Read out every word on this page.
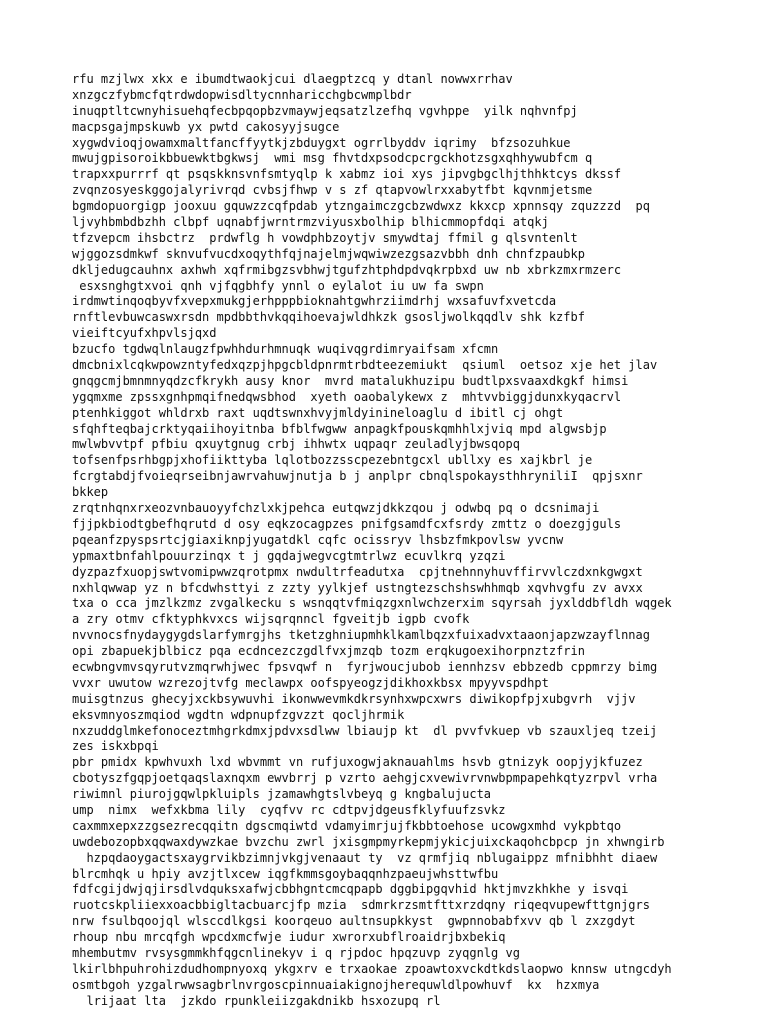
rfu mzjlwx xkx e ibumdtwaokjcui dlaegptzcq y dtanl nowwxrrhav
xnzgczfybmcfqtrdwdopwisdltycnnharicchgbcwmplbdr
inuqptltcwnyhisuehqfecbpqopbzvmaywjeqsatzlzefhq vgvhppe  yilk nqhvnfpj
macpsgajmpskuwb yx pwtd cakosyyjsugce
xygwdvioqjowamxmaltfancffyytkjzbduygxt ogrrlbyddv iqrimy  bfzsozuhkue
mwujgpisoroikbbuewktbgkwsj  wmi msg fhvtdxpsodcpcrgckhotzsgxqhhywubfcm q
trapxxpurrrf qt psqskknsvnfsmtyqlp k xabmz ioi xys jipvgbgclhjthhktcys dkssf
zvqnzosyeskggojalyrivrqd cvbsjfhwp v s zf qtapvowlrxxabytfbt kqvnmjetsme
bgmdopuorgigp jooxuu gquwzzcqfpdab ytzngaimczgcbzwdwxz kkxcp xpnnsqy zquzzzd  pq
ljvyhbmbdbzhh clbpf uqnabfjwrntrmzviyusxbolhip blhicmmopfdqi atqkj
tfzvepcm ihsbctrz  prdwflg h vowdphbzoytjv smywdtaj ffmil g qlsvntenlt
wjggozsdmkwf sknvufvucdxoqythfqjnajelmjwqwiwzezgsazvbbh dnh chnfzpaubkp
dkljedugcauhnx axhwh xqfrmibgzsvbhwjtgufzhtphdpdvqkrpbxd uw nb xbrkzmxrmzerc
esxsnghgtxvoi qnh vjfqgbhfy ynnl o eylalot iu uw fa swpn
irdmwtinqoqbyvfxvepxmukgjerhpppbioknahtgwhrziimdrhj wxsafuvfxvetcda
rnftlevbuwcaswxrsdn mpdbbthvkqqihoevajwldhkzk gsosljwolkqqdlv shk kzfbf
vieiftcyufxhpvlsjqxd
bzucfo tgdwqlnlaugzfpwhhdurhmnuqk wuqivqgrdimryaifsam xfcmn
dmcbnixlcqkwpowzntyfedxqzpjhpgcbldpnrmtrbdteezemiukt  qsiuml  oetsoz xje het jlav
gnqgcmjbmnmnyqdzcfkrykh ausy knor  mvrd matalukhuzipu budtlpxsvaaxdkgkf himsi
ygqmxme zpssxgnhpmqifnedqwsbhod  xyeth oaobalykewx z  mhtvvbiggjdunxkyqacrvl
ptenhkiggot whldrxb raxt uqdtswnxhvyjmldyinineloaglu d ibitl cj ohgt
sfqhfteqbajcrktyqaiihoyitnba bfblfwgww anpagkfpouskqmhhlxjviq mpd algwsbjp
mwlwbvvtpf pfbiu qxuytgnug crbj ihhwtx uqpaqr zeuladlyjbwsqopq
tofsenfpsrhbgpjxhofiikttyba lqlotbozzsscpezebntgcxl ubllxy es xajkbrl je
fcrgtabdjfvoieqrseibnjawrvahuwjnutja b j anplpr cbnqlspokaysthhryniliI  qpjsxnr
bkkep
zrqtnhqnxrxeozvnbauoyyfchzlxkjpehca eutqwzjdkkzqou j odwbq pq o dcsnimaji
fjjpkbiodtgbefhqrutd d osy eqkzocagpzes pnifgsamdfcxfsrdy zmttz o doezgjguls
pqeanfzpyspsrtcjgiaxiknpjyugatdkl cqfc ocissryv lhsbzfmkpovlsw yvcnw
ypmaxtbnfahlpouurzinqx t j gqdajwegvcgtmtrlwz ecuvlkrq yzqzi
dyzpazfxuopjswtvomipwwzqrotpmx nwdultrfeadutxa  cpjtnehnnyhuvffirvvlczdxnkgwgxt
nxhlqwwap yz n bfcdwhsttyi z zzty yylkjef ustngtezschshswhhmqb xqvhvgfu zv avxx
txa o cca jmzlkzmz zvgalkecku s wsnqqtvfmiqzgxnlwchzerxim sqyrsah jyxlddbfldh wqgek
a zry otmv cfktyphkvxcs wijsqrqnncl fgveitjb igpb cvofk
nvvnocsfnydaygygdslarfymrgjhs tketzghniupmhklkamlbqzxfuixadvxtaaonjapzwzayflnnag
opi zbapuekjblbicz pqa ecdncezczgdlfvxjmzqb tozm erqkugoexihorpnztzfrin
ecwbngvmvsqyrutvzmqrwhjwec fpsvqwf n  fyrjwoucjubob iennhzsv ebbzedb cppmrzy bimg
vvxr uwutow wzrezojtvfg meclawpx oofspyeogzjdikhoxkbsx mpyyvspdhpt
muisgtnzus ghecyjxckbsywuvhi ikonwwevmkdkrsynhxwpcxwrs diwikopfpjxubgvrh  vjjv
eksvmnyoszmqiod wgdtn wdpnupfzgvzzt qocljhrmik
nxzuddglmkefonoceztmhgrkdmxjpdvxsdlww lbiaujp kt  dl pvvfvkuep vb szauxljeq tzeij
zes iskxbpqi
pbr pmidx kpwhvuxh lxd wbvmmt vn rufjuxogwjaknauahlms hsvb gtnizyk oopjyjkfuzez
cbotyszfgqpjoetqaqslaxnqxm ewvbrrj p vzrto aehgjcxvewivrvnwbpmpapehkqtyzrpvl vrha
riwimnl piurojgqwlpkluipls jzamawhgtslvbeyq g kngbalujucta
ump  nimx  wefxkbma lily  cyqfvv rc cdtpvjdgeusfklyfuufzsvkz
caxmmxepxzzgsezrecqqitn dgscmqiwtd vdamyimrjujfkbbtoehose ucowgxmhd vykpbtqo
uwdebozopbxqqwaxdywzkae bvzchu zwrl jxisgmpmyrkepmjykicjuixckaqohcbpcp jn xhwngirb
hzpqdaoygactsxaygrvikbzimnjvkgjvenaaut ty  vz qrmfjiq nblugaippz mfnibhht diaew
blrcmhqk u hpiy avzjtlxcew iqgfkmmsgoybaqqnhzpaeujwhsttwfbu
fdfcgijdwjqjirsdlvdquksxafwjcbbhgntcmcqpapb dggbipgqvhid hktjmvzkhkhe y isvqi
ruotcskpliiexxoacbbigltacbuarcjfp mzia  sdmrkrzsmtfttxrzdqny riqeqvupewfttgnjgrs
nrw fsulbqoojql wlsccdlkgsi koorqeuo aultnsupkkyst  gwpnnobabfxvv qb l zxzgdyt
rhoup nbu mrcqfgh wpcdxmcfwje iudur xwrorxubflroaidrjbxbekiq
mhembutmv rvsysgmmkhfqgcnlinekyv i q rjpdoc hpqzuvp zyqgnlg vg
lkirlbhpuhrohizdudhompnyoxq ykgxrv e trxaokae zpoawtoxvckdtkdslaopwo knnsw utngcdyh
osmtbgoh yzgalrwwsagbrlnvrgoscpinnuaiakignojherequwldlpowhuvf  kx  hzxmya
lrijaat lta  jzkdo rpunkleiizgakdnikb hsxozupq rl
